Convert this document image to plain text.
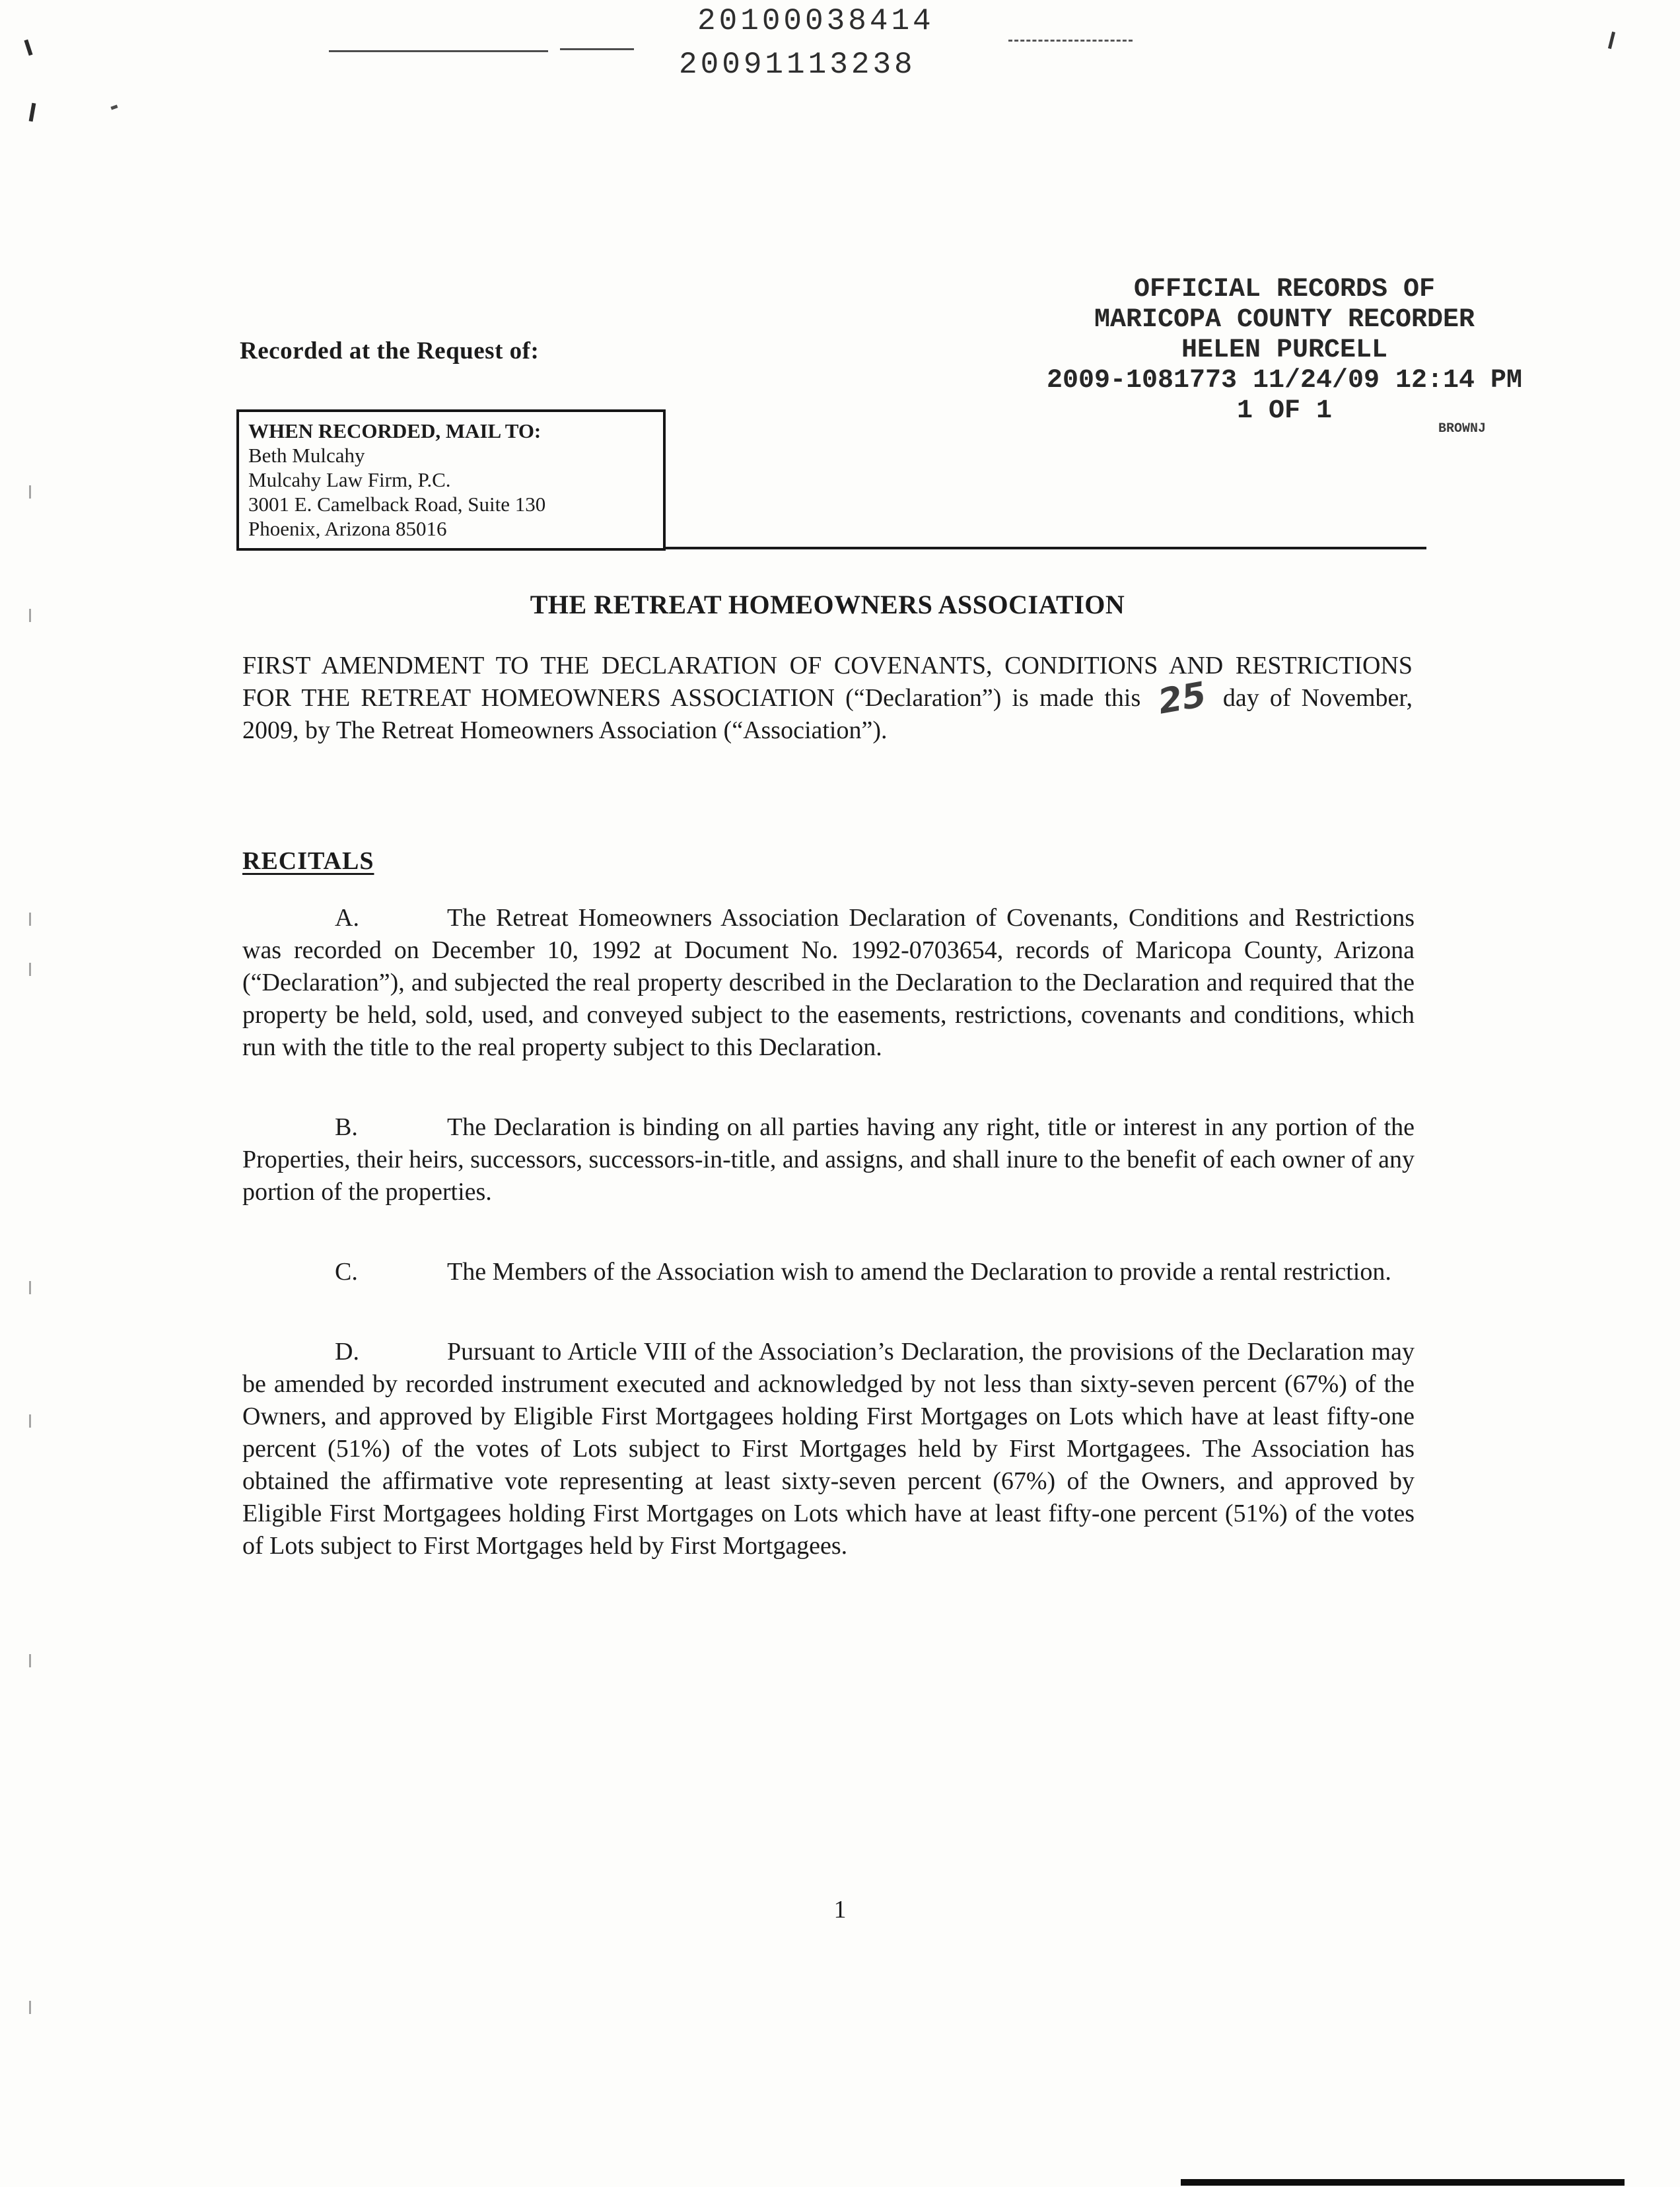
20100038414
20091113238
OFFICIAL RECORDS OF
MARICOPA COUNTY RECORDER
HELEN PURCELL
2009-1081773 11/24/09 12:14 PM
1 OF 1
BROWNJ
Recorded at the Request of:
WHEN RECORDED, MAIL TO:
Beth Mulcahy
Mulcahy Law Firm, P.C.
3001 E. Camelback Road, Suite 130
Phoenix, Arizona 85016
THE RETREAT HOMEOWNERS ASSOCIATION
FIRST AMENDMENT TO THE DECLARATION OF COVENANTS, CONDITIONS AND RESTRICTIONS FOR THE RETREAT HOMEOWNERS ASSOCIATION (“Declaration”) is made this 25 day of November, 2009, by The Retreat Homeowners Association (“Association”).
RECITALS

A.	The Retreat Homeowners Association Declaration of Covenants, Conditions and Restrictions was recorded on December 10, 1992 at Document No. 1992-0703654, records of Maricopa County, Arizona (“Declaration”), and subjected the real property described in the Declaration to the Declaration and required that the property be held, sold, used, and conveyed subject to the easements, restrictions, covenants and conditions, which run with the title to the real property subject to this Declaration.

B.	The Declaration is binding on all parties having any right, title or interest in any portion of the Properties, their heirs, successors, successors-in-title, and assigns, and shall inure to the benefit of each owner of any portion of the properties.

C.	The Members of the Association wish to amend the Declaration to provide a rental restriction.

D.	Pursuant to Article VIII of the Association’s Declaration, the provisions of the Declaration may be amended by recorded instrument executed and acknowledged by not less than sixty-seven percent (67%) of the Owners, and approved by Eligible First Mortgagees holding First Mortgages on Lots which have at least fifty-one percent (51%) of the votes of Lots subject to First Mortgages held by First Mortgagees. The Association has obtained the affirmative vote representing at least sixty-seven percent (67%) of the Owners, and approved by Eligible First Mortgagees holding First Mortgages on Lots which have at least fifty-one percent (51%) of the votes of Lots subject to First Mortgages held by First Mortgagees.

1
